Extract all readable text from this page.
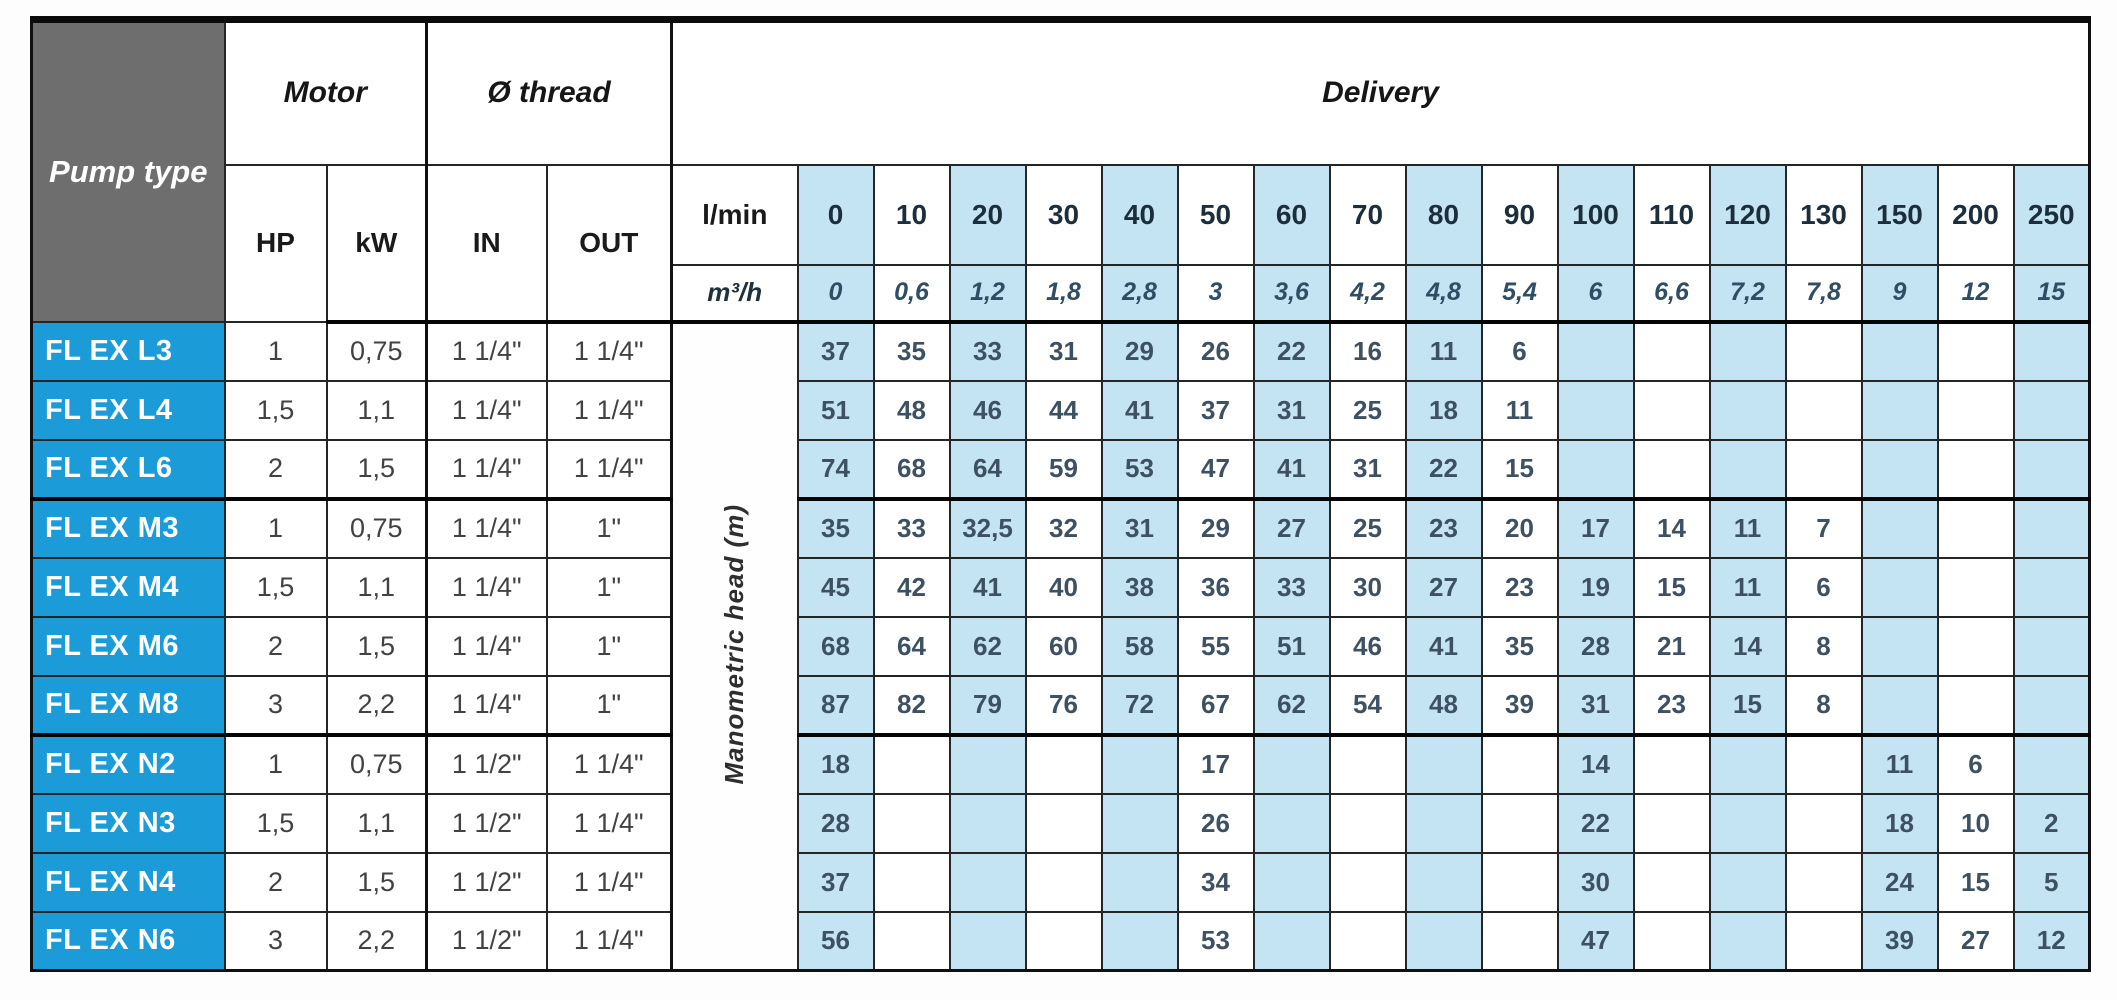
Pump type	Motor		Ø thread		Delivery																	
	HP	kW	IN	OUT	l/min	0	10	20	30	40	50	60	70	80	90	100	110	120	130	150	200	250
					m³/h	0	0,6	1,2	1,8	2,8	3	3,6	4,2	4,8	5,4	6	6,6	7,2	7,8	9	12	15
FL EX L3	1	0,75	1 1/4"	1 1/4"	Manometric head (m)	37	35	33	31	29	26	22	16	11	6							
FL EX L4	1,5	1,1	1 1/4"	1 1/4"		51	48	46	44	41	37	31	25	18	11							
FL EX L6	2	1,5	1 1/4"	1 1/4"		74	68	64	59	53	47	41	31	22	15							
FL EX M3	1	0,75	1 1/4"	1"		35	33	32,5	32	31	29	27	25	23	20	17	14	11	7			
FL EX M4	1,5	1,1	1 1/4"	1"		45	42	41	40	38	36	33	30	27	23	19	15	11	6			
FL EX M6	2	1,5	1 1/4"	1"		68	64	62	60	58	55	51	46	41	35	28	21	14	8			
FL EX M8	3	2,2	1 1/4"	1"		87	82	79	76	72	67	62	54	48	39	31	23	15	8			
FL EX N2	1	0,75	1 1/2"	1 1/4"		18					17					14				11	6	
FL EX N3	1,5	1,1	1 1/2"	1 1/4"		28					26					22				18	10	2
FL EX N4	2	1,5	1 1/2"	1 1/4"		37					34					30				24	15	5
FL EX N6	3	2,2	1 1/2"	1 1/4"		56					53					47				39	27	12
